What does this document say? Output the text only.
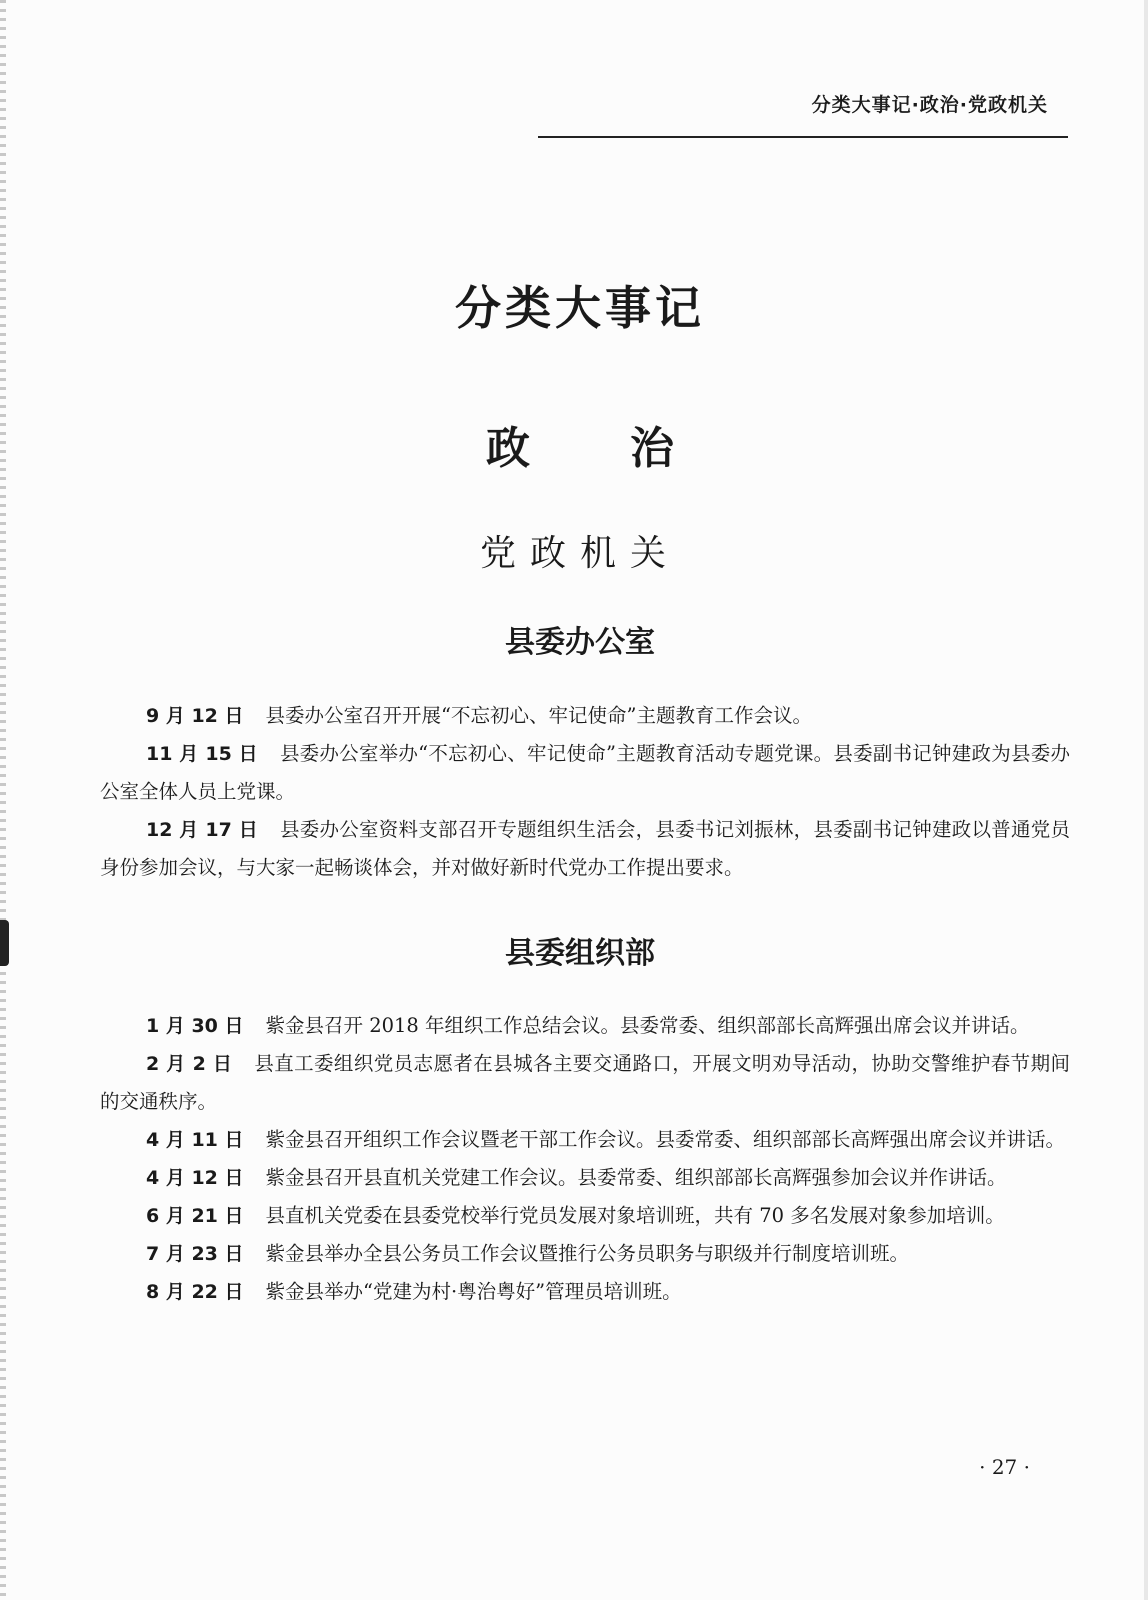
分类大事记·政治·党政机关
分类大事记
政 治
党政机关
县委办公室

9 月 12 日 县委办公室召开开展“不忘初心、牢记使命”主题教育工作会议。

11 月 15 日 县委办公室举办“不忘初心、牢记使命”主题教育活动专题党课。县委副书记钟建政为县委办公室全体人员上党课。

12 月 17 日 县委办公室资料支部召开专题组织生活会，县委书记刘振林，县委副书记钟建政以普通党员身份参加会议，与大家一起畅谈体会，并对做好新时代党办工作提出要求。

县委组织部

1 月 30 日 紫金县召开 2018 年组织工作总结会议。县委常委、组织部部长高辉强出席会议并讲话。

2 月 2 日 县直工委组织党员志愿者在县城各主要交通路口，开展文明劝导活动，协助交警维护春节期间的交通秩序。

4 月 11 日 紫金县召开组织工作会议暨老干部工作会议。县委常委、组织部部长高辉强出席会议并讲话。

4 月 12 日 紫金县召开县直机关党建工作会议。县委常委、组织部部长高辉强参加会议并作讲话。

6 月 21 日 县直机关党委在县委党校举行党员发展对象培训班，共有 70 多名发展对象参加培训。

7 月 23 日 紫金县举办全县公务员工作会议暨推行公务员职务与职级并行制度培训班。

8 月 22 日 紫金县举办“党建为村·粤治粤好”管理员培训班。

· 27 ·
